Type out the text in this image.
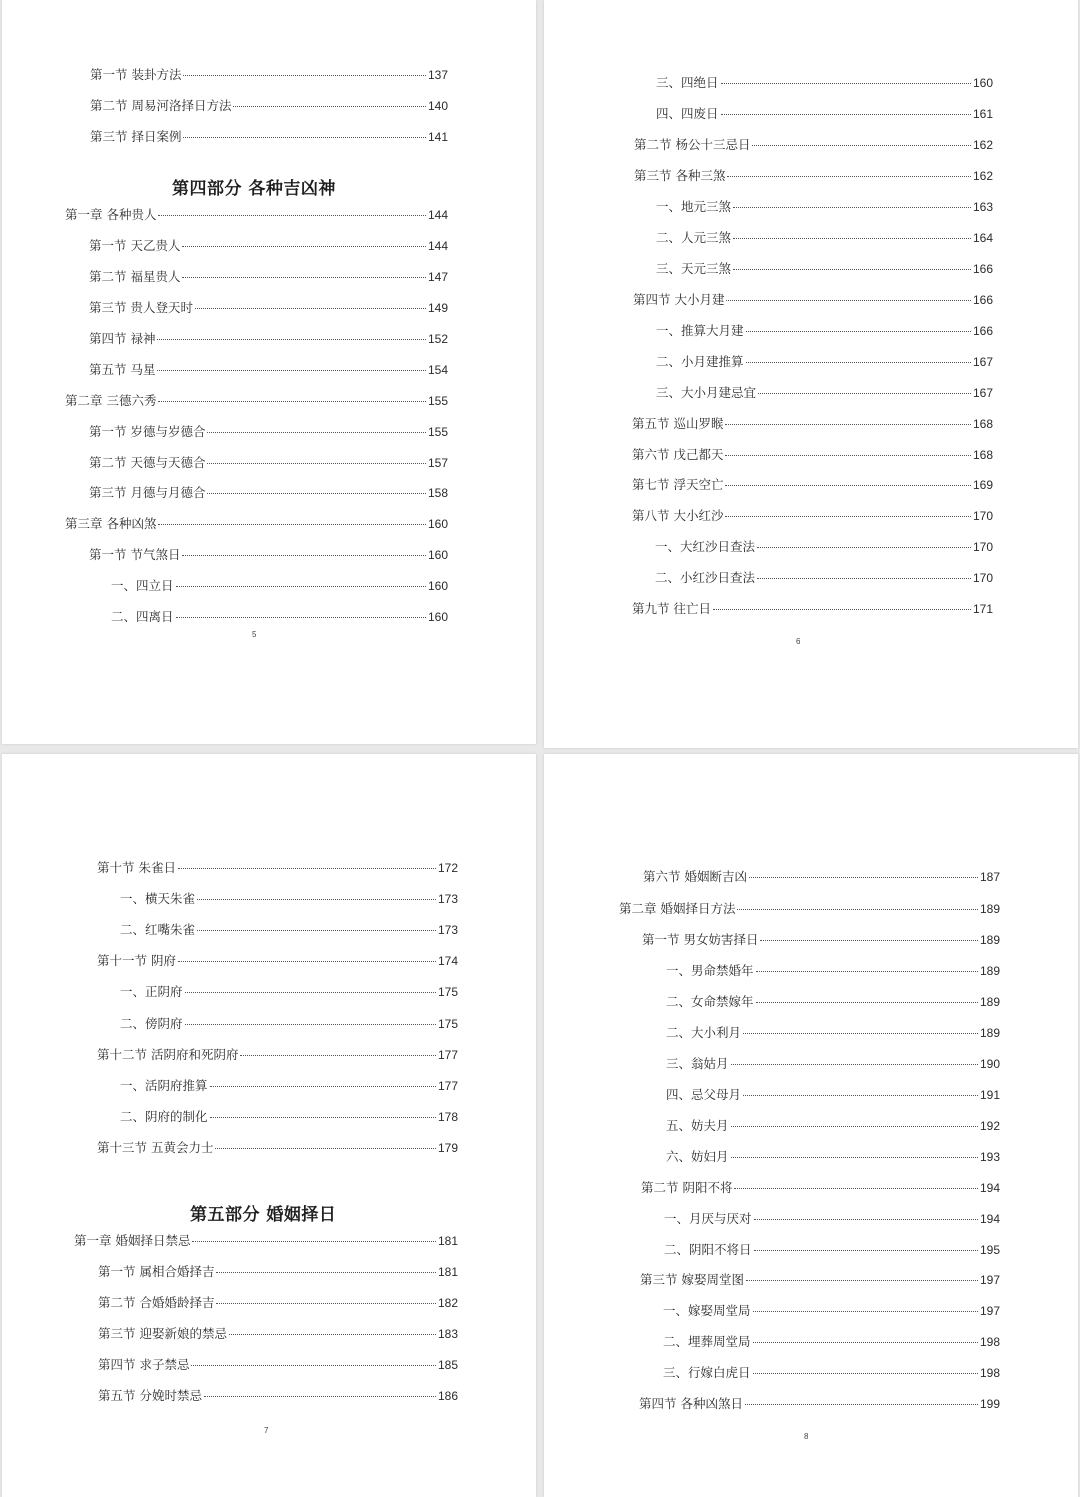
第一节 装卦方法	137
第二节 周易河洛择日方法	140
第三节 择日案例	141
第四部分 各种吉凶神
第一章 各种贵人	144
第一节 天乙贵人	144
第二节 福星贵人	147
第三节 贵人登天时	149
第四节 禄神	152
第五节 马星	154
第二章 三德六秀	155
第一节 岁德与岁德合	155
第二节 天德与天德合	157
第三节 月德与月德合	158
第三章 各种凶煞	160
第一节 节气煞日	160
一、四立日	160
二、四离日	160
5
三、四绝日	160
四、四废日	161
第二节 杨公十三忌日	162
第三节 各种三煞	162
一、地元三煞	163
二、人元三煞	164
三、天元三煞	166
第四节 大小月建	166
一、推算大月建	166
二、小月建推算	167
三、大小月建忌宜	167
第五节 巡山罗睺	168
第六节 戊己都天	168
第七节 浮天空亡	169
第八节 大小红沙	170
一、大红沙日查法	170
二、小红沙日查法	170
第九节 往亡日	171
6
第十节 朱雀日	172
一、横天朱雀	173
二、红嘴朱雀	173
第十一节 阴府	174
一、正阴府	175
二、傍阴府	175
第十二节 活阴府和死阴府	177
一、活阴府推算	177
二、阴府的制化	178
第十三节 五黄会力士	179
第五部分 婚姻择日
第一章 婚姻择日禁忌	181
第一节 属相合婚择吉	181
第二节 合婚婚龄择吉	182
第三节 迎娶新娘的禁忌	183
第四节 求子禁忌	185
第五节 分娩时禁忌	186
7
第六节 婚姻断吉凶	187
第二章 婚姻择日方法	189
第一节 男女妨害择日	189
一、男命禁婚年	189
二、女命禁嫁年	189
二、大小利月	189
三、翁姑月	190
四、忌父母月	191
五、妨夫月	192
六、妨妇月	193
第二节 阴阳不将	194
一、月厌与厌对	194
二、阴阳不将日	195
第三节 嫁娶周堂图	197
一、嫁娶周堂局	197
二、埋葬周堂局	198
三、行嫁白虎日	198
第四节 各种凶煞日	199
8
